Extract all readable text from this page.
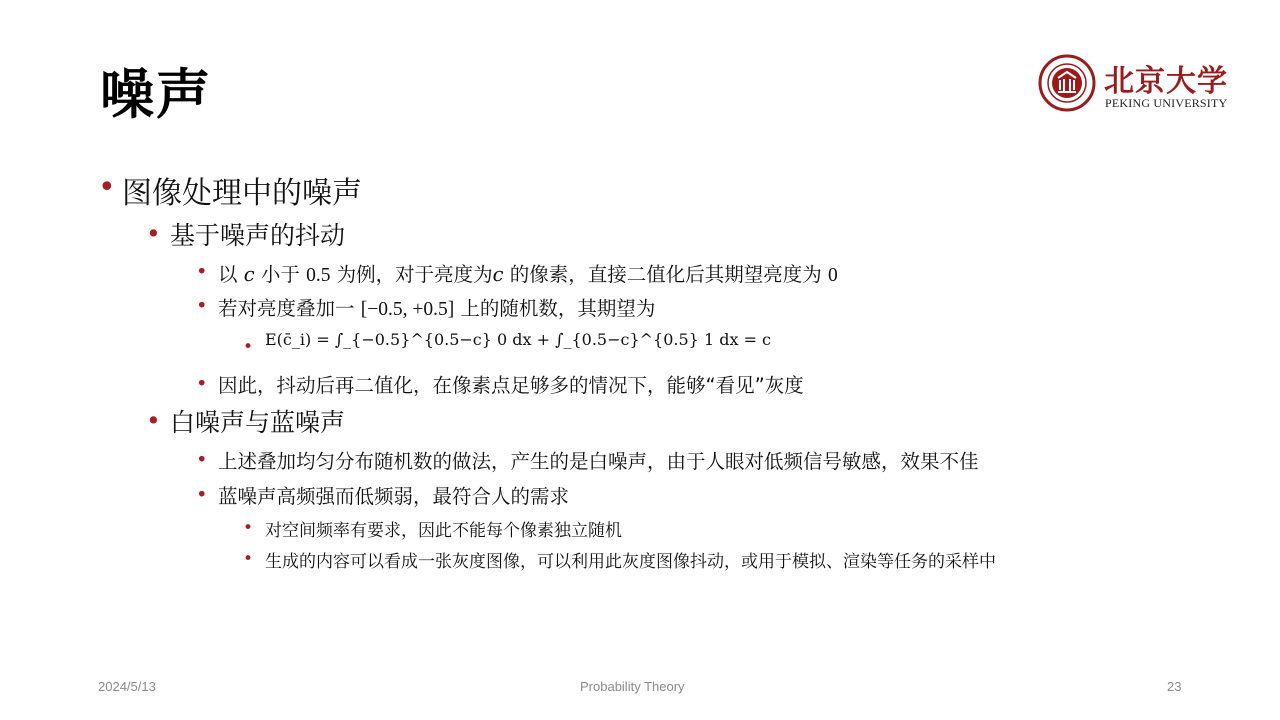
噪声	北京大学
PEKING UNIVERSITY
• 图像处理中的噪声
• 基于噪声的抖动
• 以 c 小于 0.5 为例，对于亮度为c 的像素，直接二值化后其期望亮度为 0
• 若对亮度叠加一 [−0.5, +0.5] 上的随机数，其期望为
• E(c̄_i) = ∫_{−0.5}^{0.5−c} 0 dx + ∫_{0.5−c}^{0.5} 1 dx = c
• 因此，抖动后再二值化，在像素点足够多的情况下，能够“看见”灰度
• 白噪声与蓝噪声
• 上述叠加均匀分布随机数的做法，产生的是白噪声，由于人眼对低频信号敏感，效果不佳
• 蓝噪声高频强而低频弱，最符合人的需求
• 对空间频率有要求，因此不能每个像素独立随机
• 生成的内容可以看成一张灰度图像，可以利用此灰度图像抖动，或用于模拟、渲染等任务的采样中
2024/5/13	Probability Theory	23
